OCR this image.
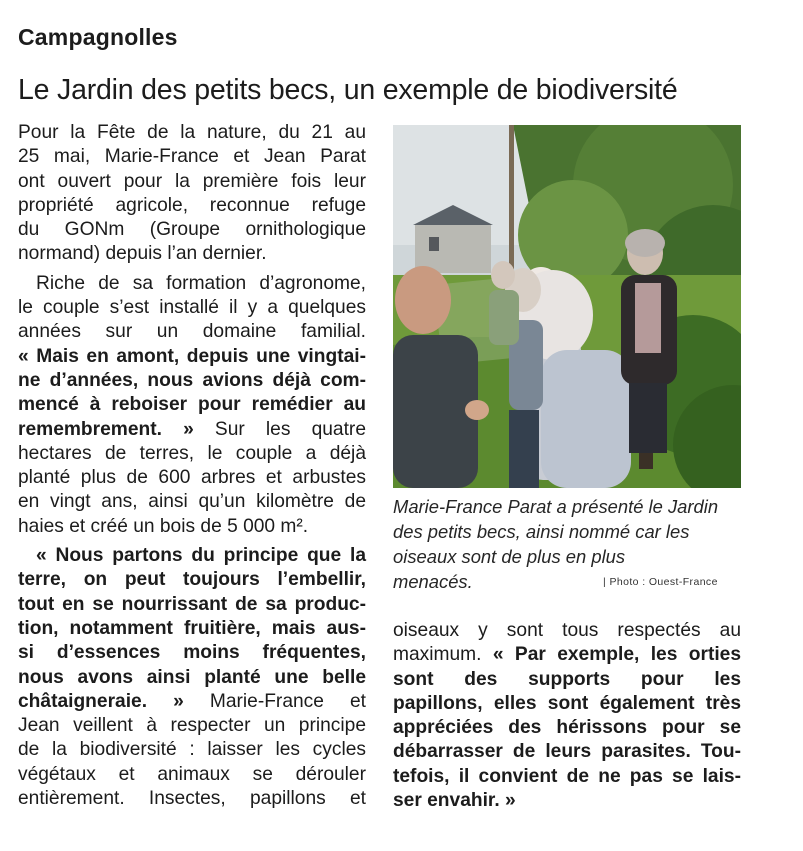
Campagnolles
Le Jardin des petits becs, un exemple de biodiversité
Pour la Fête de la nature, du 21 au
25 mai, Marie-France et Jean Parat
ont ouvert pour la première fois leur
propriété agricole, reconnue refuge
du GONm (Groupe ornithologique
normand) depuis l’an dernier.
Riche de sa formation d’agronome,
le couple s’est installé il y a quelques
années sur un domaine familial.
« Mais en amont, depuis une vingtai-
ne d’années, nous avions déjà com-
mencé à reboiser pour remédier au
remembrement. » Sur les quatre
hectares de terres, le couple a déjà
planté plus de 600 arbres et arbustes
en vingt ans, ainsi qu’un kilomètre de
haies et créé un bois de 5 000 m².
« Nous partons du principe que la
terre, on peut toujours l’embellir,
tout en se nourrissant de sa produc-
tion, notamment fruitière, mais aus-
si d’essences moins fréquentes,
nous avons ainsi planté une belle
châtaigneraie. » Marie-France et
Jean veillent à respecter un principe
de la biodiversité : laisser les cycles
végétaux et animaux se dérouler
entièrement. Insectes, papillons et
Marie-France Parat a présenté le Jardin
des petits becs, ainsi nommé car les
oiseaux sont de plus en plus
menacés.	| Photo : Ouest-France
oiseaux y sont tous respectés au
maximum. « Par exemple, les orties
sont des supports pour les
papillons, elles sont également très
appréciées des hérissons pour se
débarrasser de leurs parasites. Tou-
tefois, il convient de ne pas se lais-
ser envahir. »
